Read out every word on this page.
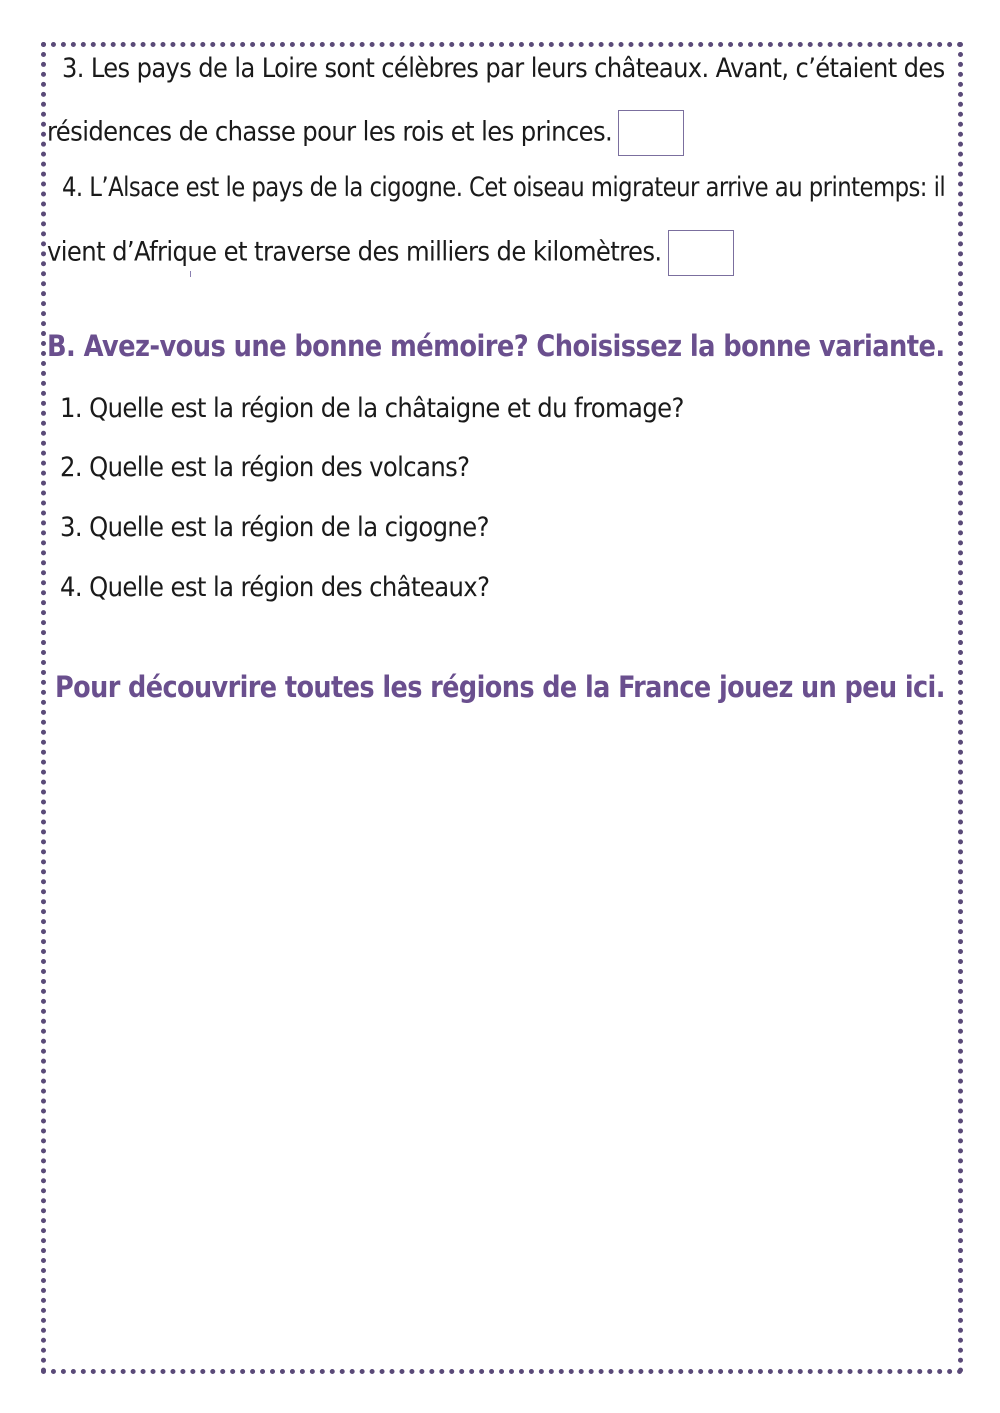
3. Les pays de la Loire sont célèbres par leurs châteaux. Avant, c’étaient des
résidences de chasse pour les rois et les princes.
4. L’Alsace est le pays de la cigogne. Cet oiseau migrateur arrive au printemps: il
vient d’Afrique et traverse des milliers de kilomètres.
B. Avez-vous une bonne mémoire? Choisissez la bonne variante.
1. Quelle est la région de la châtaigne et du fromage?
2. Quelle est la région des volcans?
3. Quelle est la région de la cigogne?
4. Quelle est la région des châteaux?
Pour découvrire toutes les régions de la France jouez un peu ici.
